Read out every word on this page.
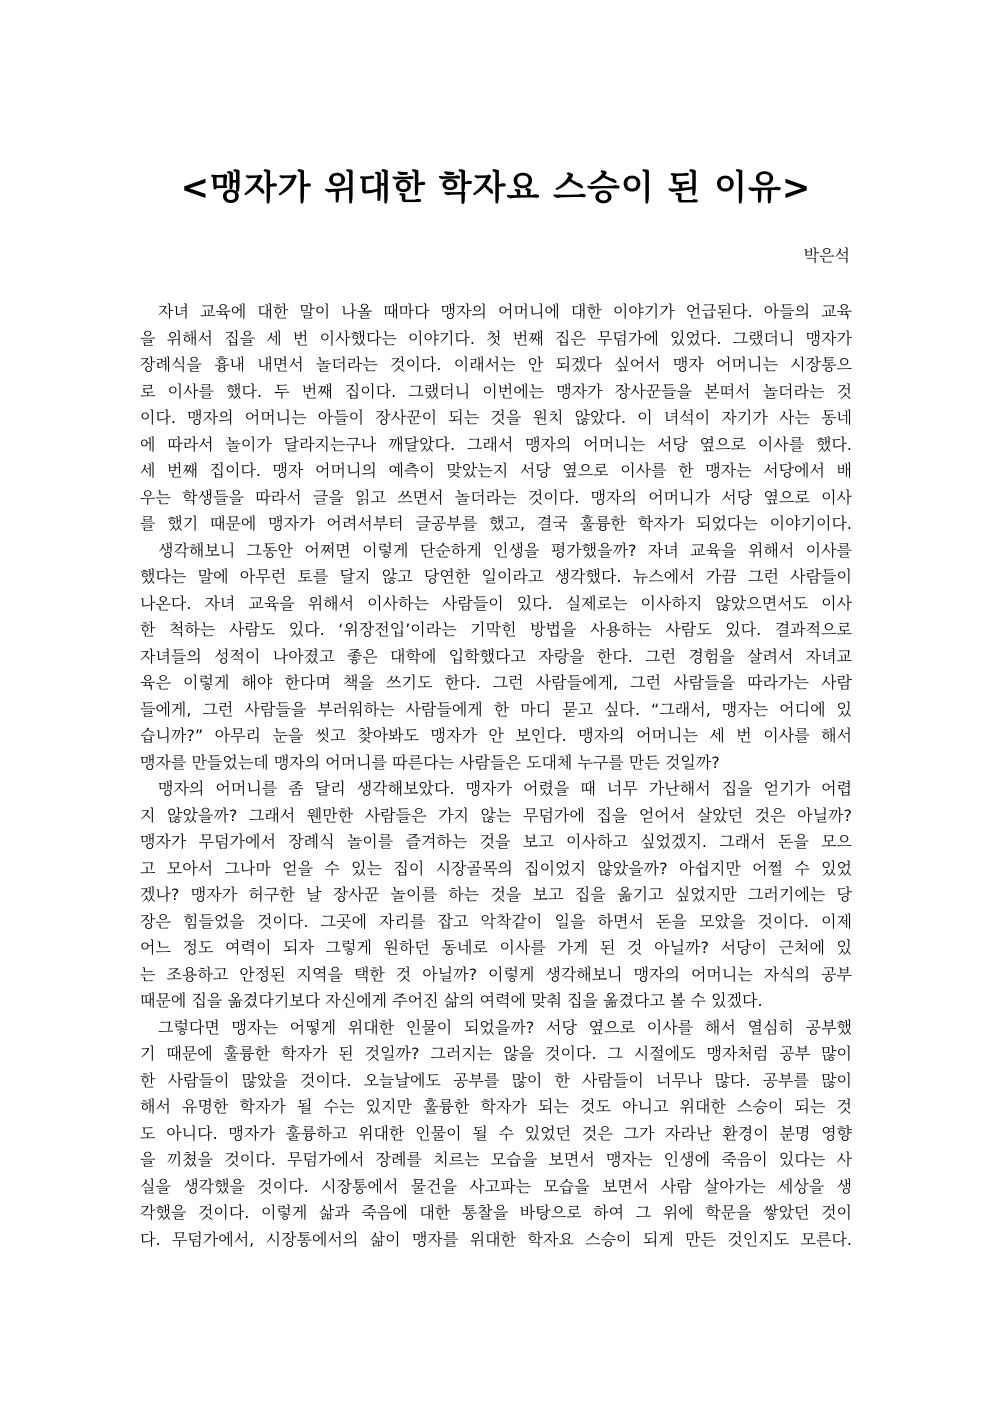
<맹자가 위대한 학자요 스승이 된 이유>
박은석
자녀 교육에 대한 말이 나올 때마다 맹자의 어머니에 대한 이야기가 언급된다. 아들의 교육
을 위해서 집을 세 번 이사했다는 이야기다. 첫 번째 집은 무덤가에 있었다. 그랬더니 맹자가
장례식을 흉내 내면서 놀더라는 것이다. 이래서는 안 되겠다 싶어서 맹자 어머니는 시장통으
로 이사를 했다. 두 번째 집이다. 그랬더니 이번에는 맹자가 장사꾼들을 본떠서 놀더라는 것
이다. 맹자의 어머니는 아들이 장사꾼이 되는 것을 원치 않았다. 이 녀석이 자기가 사는 동네
에 따라서 놀이가 달라지는구나 깨달았다. 그래서 맹자의 어머니는 서당 옆으로 이사를 했다.
세 번째 집이다. 맹자 어머니의 예측이 맞았는지 서당 옆으로 이사를 한 맹자는 서당에서 배
우는 학생들을 따라서 글을 읽고 쓰면서 놀더라는 것이다. 맹자의 어머니가 서당 옆으로 이사
를 했기 때문에 맹자가 어려서부터 글공부를 했고, 결국 훌륭한 학자가 되었다는 이야기이다.
생각해보니 그동안 어쩌면 이렇게 단순하게 인생을 평가했을까? 자녀 교육을 위해서 이사를
했다는 말에 아무런 토를 달지 않고 당연한 일이라고 생각했다. 뉴스에서 가끔 그런 사람들이
나온다. 자녀 교육을 위해서 이사하는 사람들이 있다. 실제로는 이사하지 않았으면서도 이사
한 척하는 사람도 있다. ‘위장전입’이라는 기막힌 방법을 사용하는 사람도 있다. 결과적으로
자녀들의 성적이 나아졌고 좋은 대학에 입학했다고 자랑을 한다. 그런 경험을 살려서 자녀교
육은 이렇게 해야 한다며 책을 쓰기도 한다. 그런 사람들에게, 그런 사람들을 따라가는 사람
들에게, 그런 사람들을 부러워하는 사람들에게 한 마디 묻고 싶다. “그래서, 맹자는 어디에 있
습니까?” 아무리 눈을 씻고 찾아봐도 맹자가 안 보인다. 맹자의 어머니는 세 번 이사를 해서
맹자를 만들었는데 맹자의 어머니를 따른다는 사람들은 도대체 누구를 만든 것일까?
맹자의 어머니를 좀 달리 생각해보았다. 맹자가 어렸을 때 너무 가난해서 집을 얻기가 어렵
지 않았을까? 그래서 웬만한 사람들은 가지 않는 무덤가에 집을 얻어서 살았던 것은 아닐까?
맹자가 무덤가에서 장례식 놀이를 즐겨하는 것을 보고 이사하고 싶었겠지. 그래서 돈을 모으
고 모아서 그나마 얻을 수 있는 집이 시장골목의 집이었지 않았을까? 아쉽지만 어쩔 수 있었
겠나? 맹자가 허구한 날 장사꾼 놀이를 하는 것을 보고 집을 옮기고 싶었지만 그러기에는 당
장은 힘들었을 것이다. 그곳에 자리를 잡고 악착같이 일을 하면서 돈을 모았을 것이다. 이제
어느 정도 여력이 되자 그렇게 원하던 동네로 이사를 가게 된 것 아닐까? 서당이 근처에 있
는 조용하고 안정된 지역을 택한 것 아닐까? 이렇게 생각해보니 맹자의 어머니는 자식의 공부
때문에 집을 옮겼다기보다 자신에게 주어진 삶의 여력에 맞춰 집을 옮겼다고 볼 수 있겠다.
그렇다면 맹자는 어떻게 위대한 인물이 되었을까? 서당 옆으로 이사를 해서 열심히 공부했
기 때문에 훌륭한 학자가 된 것일까? 그러지는 않을 것이다. 그 시절에도 맹자처럼 공부 많이
한 사람들이 많았을 것이다. 오늘날에도 공부를 많이 한 사람들이 너무나 많다. 공부를 많이
해서 유명한 학자가 될 수는 있지만 훌륭한 학자가 되는 것도 아니고 위대한 스승이 되는 것
도 아니다. 맹자가 훌륭하고 위대한 인물이 될 수 있었던 것은 그가 자라난 환경이 분명 영향
을 끼쳤을 것이다. 무덤가에서 장례를 치르는 모습을 보면서 맹자는 인생에 죽음이 있다는 사
실을 생각했을 것이다. 시장통에서 물건을 사고파는 모습을 보면서 사람 살아가는 세상을 생
각했을 것이다. 이렇게 삶과 죽음에 대한 통찰을 바탕으로 하여 그 위에 학문을 쌓았던 것이
다. 무덤가에서, 시장통에서의 삶이 맹자를 위대한 학자요 스승이 되게 만든 것인지도 모른다.
